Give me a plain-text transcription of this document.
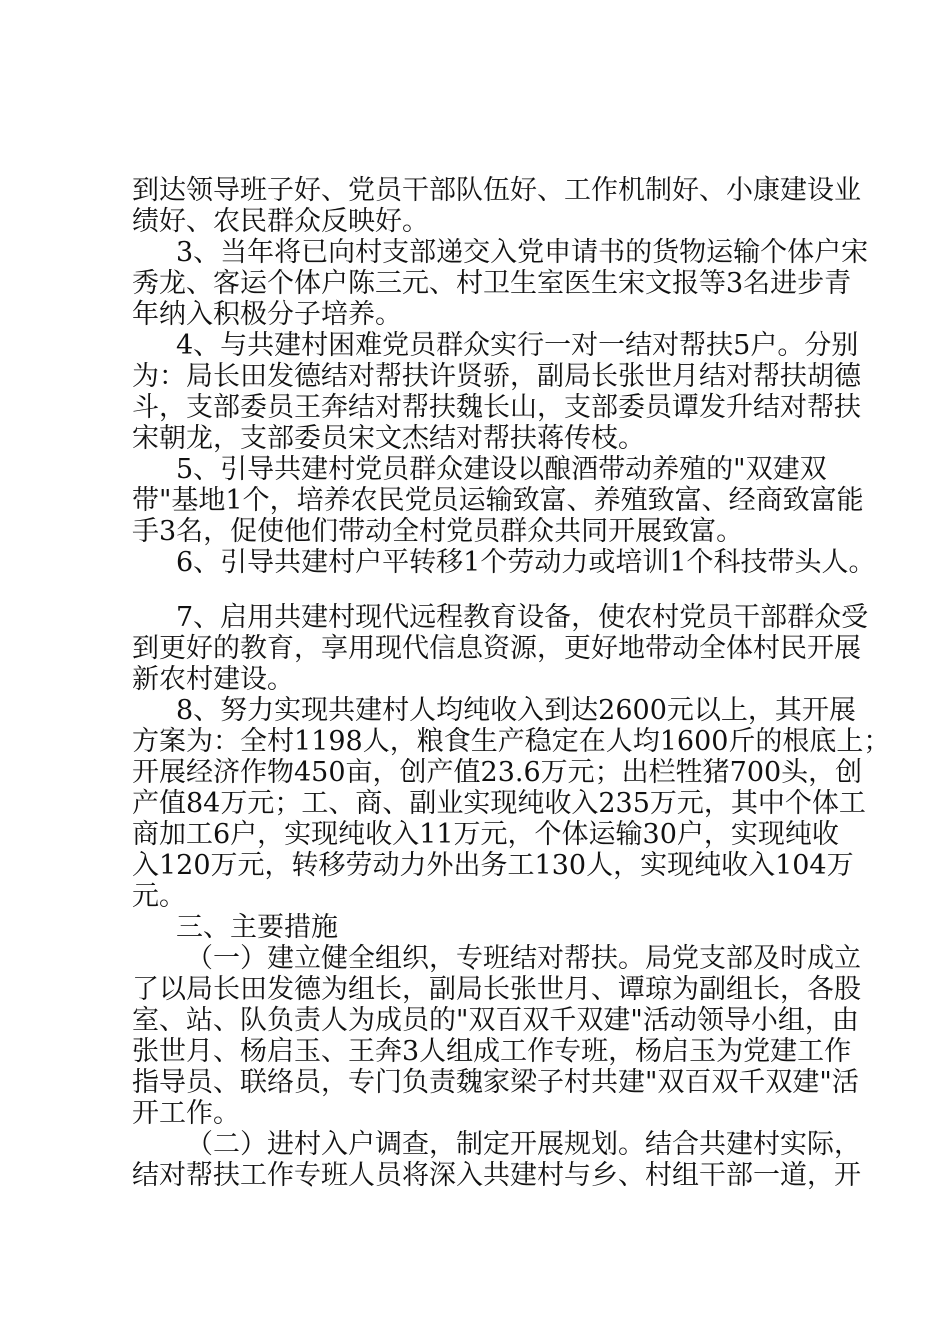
到达领导班子好、党员干部队伍好、工作机制好、小康建设业
绩好、农民群众反映好。
3、当年将已向村支部递交入党申请书的货物运输个体户宋
秀龙、客运个体户陈三元、村卫生室医生宋文报等3名进步青
年纳入积极分子培养。
4、与共建村困难党员群众实行一对一结对帮扶5户。分别
为：局长田发德结对帮扶许贤骄，副局长张世月结对帮扶胡德
斗，支部委员王奔结对帮扶魏长山，支部委员谭发升结对帮扶
宋朝龙，支部委员宋文杰结对帮扶蒋传枝。
5、引导共建村党员群众建设以酿酒带动养殖的"双建双
带"基地1个，培养农民党员运输致富、养殖致富、经商致富能
手3名，促使他们带动全村党员群众共同开展致富。
6、引导共建村户平转移1个劳动力或培训1个科技带头人。
7、启用共建村现代远程教育设备，使农村党员干部群众受
到更好的教育，享用现代信息资源，更好地带动全体村民开展
新农村建设。
8、努力实现共建村人均纯收入到达2600元以上，其开展
方案为：全村1198人，粮食生产稳定在人均1600斤的根底上；
开展经济作物450亩，创产值23.6万元；出栏牲猪700头，创
产值84万元；工、商、副业实现纯收入235万元，其中个体工
商加工6户，实现纯收入11万元，个体运输30户，实现纯收
入120万元，转移劳动力外出务工130人，实现纯收入104万
元。
三、主要措施
（一）建立健全组织，专班结对帮扶。局党支部及时成立
了以局长田发德为组长，副局长张世月、谭琼为副组长，各股
室、站、队负责人为成员的"双百双千双建"活动领导小组，由
张世月、杨启玉、王奔3人组成工作专班，杨启玉为党建工作
指导员、联络员，专门负责魏家梁子村共建"双百双千双建"活
开工作。
（二）进村入户调查，制定开展规划。结合共建村实际，
结对帮扶工作专班人员将深入共建村与乡、村组干部一道，开
